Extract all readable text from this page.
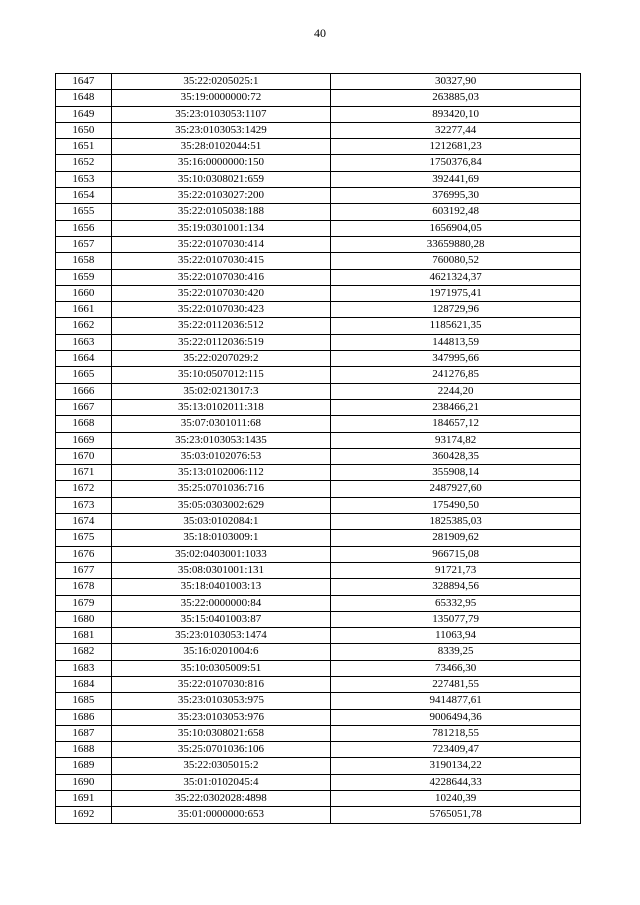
40
1647	35:22:0205025:1	30327,90
1648	35:19:0000000:72	263885,03
1649	35:23:0103053:1107	893420,10
1650	35:23:0103053:1429	32277,44
1651	35:28:0102044:51	1212681,23
1652	35:16:0000000:150	1750376,84
1653	35:10:0308021:659	392441,69
1654	35:22:0103027:200	376995,30
1655	35:22:0105038:188	603192,48
1656	35:19:0301001:134	1656904,05
1657	35:22:0107030:414	33659880,28
1658	35:22:0107030:415	760080,52
1659	35:22:0107030:416	4621324,37
1660	35:22:0107030:420	1971975,41
1661	35:22:0107030:423	128729,96
1662	35:22:0112036:512	1185621,35
1663	35:22:0112036:519	144813,59
1664	35:22:0207029:2	347995,66
1665	35:10:0507012:115	241276,85
1666	35:02:0213017:3	2244,20
1667	35:13:0102011:318	238466,21
1668	35:07:0301011:68	184657,12
1669	35:23:0103053:1435	93174,82
1670	35:03:0102076:53	360428,35
1671	35:13:0102006:112	355908,14
1672	35:25:0701036:716	2487927,60
1673	35:05:0303002:629	175490,50
1674	35:03:0102084:1	1825385,03
1675	35:18:0103009:1	281909,62
1676	35:02:0403001:1033	966715,08
1677	35:08:0301001:131	91721,73
1678	35:18:0401003:13	328894,56
1679	35:22:0000000:84	65332,95
1680	35:15:0401003:87	135077,79
1681	35:23:0103053:1474	11063,94
1682	35:16:0201004:6	8339,25
1683	35:10:0305009:51	73466,30
1684	35:22:0107030:816	227481,55
1685	35:23:0103053:975	9414877,61
1686	35:23:0103053:976	9006494,36
1687	35:10:0308021:658	781218,55
1688	35:25:0701036:106	723409,47
1689	35:22:0305015:2	3190134,22
1690	35:01:0102045:4	4228644,33
1691	35:22:0302028:4898	10240,39
1692	35:01:0000000:653	5765051,78
